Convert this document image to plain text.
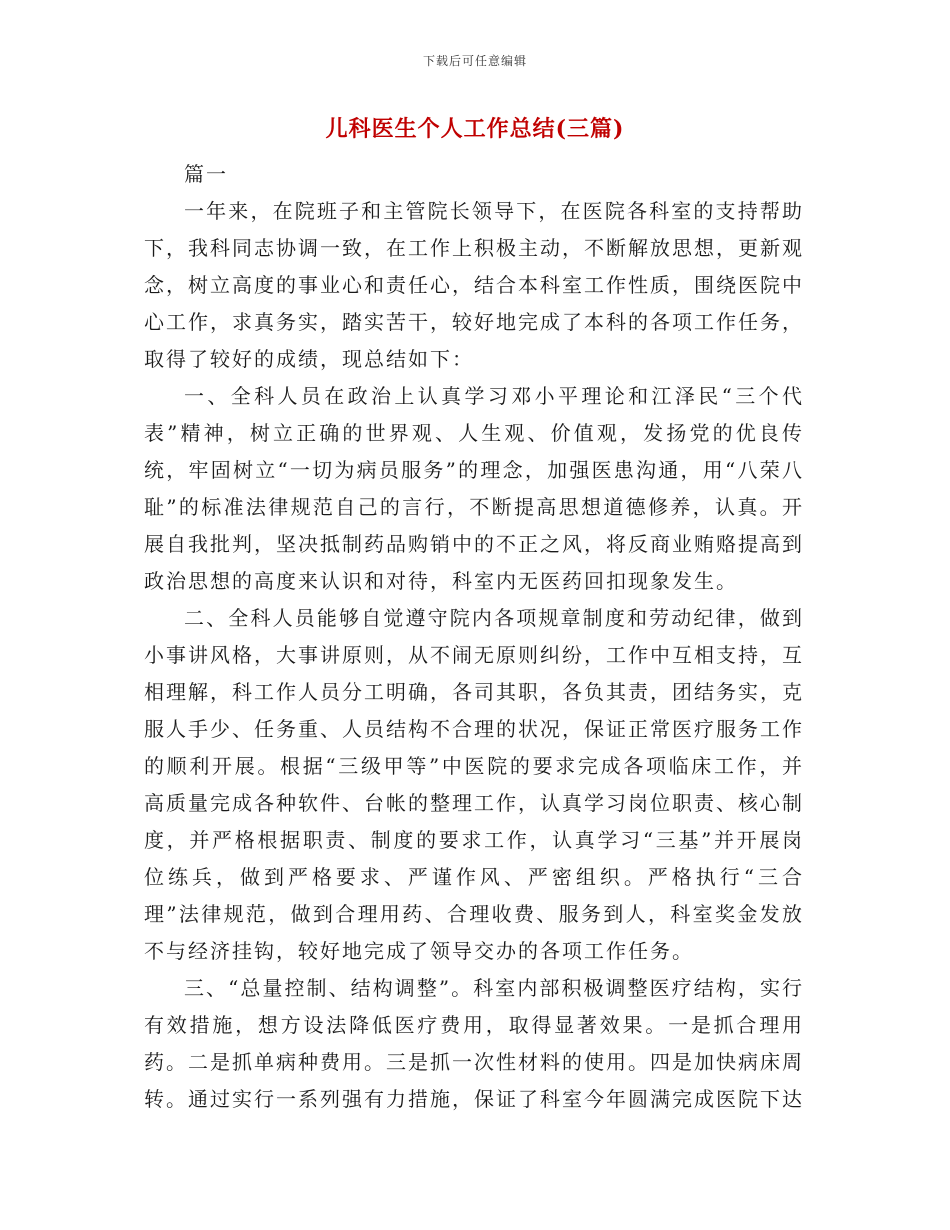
下载后可任意编辑
儿科医生个人工作总结(三篇)

篇一

一年来，在院班子和主管院长领导下，在医院各科室的支持帮助下，我科同志协调一致，在工作上积极主动，不断解放思想，更新观念，树立高度的事业心和责任心，结合本科室工作性质，围绕医院中心工作，求真务实，踏实苦干，较好地完成了本科的各项工作任务，取得了较好的成绩，现总结如下：

一、全科人员在政治上认真学习邓小平理论和江泽民“三个代表”精神，树立正确的世界观、人生观、价值观，发扬党的优良传统，牢固树立“一切为病员服务”的理念，加强医患沟通，用“八荣八耻”的标准法律规范自己的言行，不断提高思想道德修养，认真。开展自我批判，坚决抵制药品购销中的不正之风，将反商业贿赂提高到政治思想的高度来认识和对待，科室内无医药回扣现象发生。

二、全科人员能够自觉遵守院内各项规章制度和劳动纪律，做到小事讲风格，大事讲原则，从不闹无原则纠纷，工作中互相支持，互相理解，科工作人员分工明确，各司其职，各负其责，团结务实，克服人手少、任务重、人员结构不合理的状况，保证正常医疗服务工作的顺利开展。根据“三级甲等”中医院的要求完成各项临床工作，并高质量完成各种软件、台帐的整理工作，认真学习岗位职责、核心制度，并严格根据职责、制度的要求工作，认真学习“三基”并开展岗位练兵，做到严格要求、严谨作风、严密组织。严格执行“三合理”法律规范，做到合理用药、合理收费、服务到人，科室奖金发放不与经济挂钩，较好地完成了领导交办的各项工作任务。

三、“总量控制、结构调整”。科室内部积极调整医疗结构，实行有效措施，想方设法降低医疗费用，取得显著效果。一是抓合理用药。二是抓单病种费用。三是抓一次性材料的使用。四是加快病床周转。通过实行一系列强有力措施，保证了科室今年圆满完成医院下达
